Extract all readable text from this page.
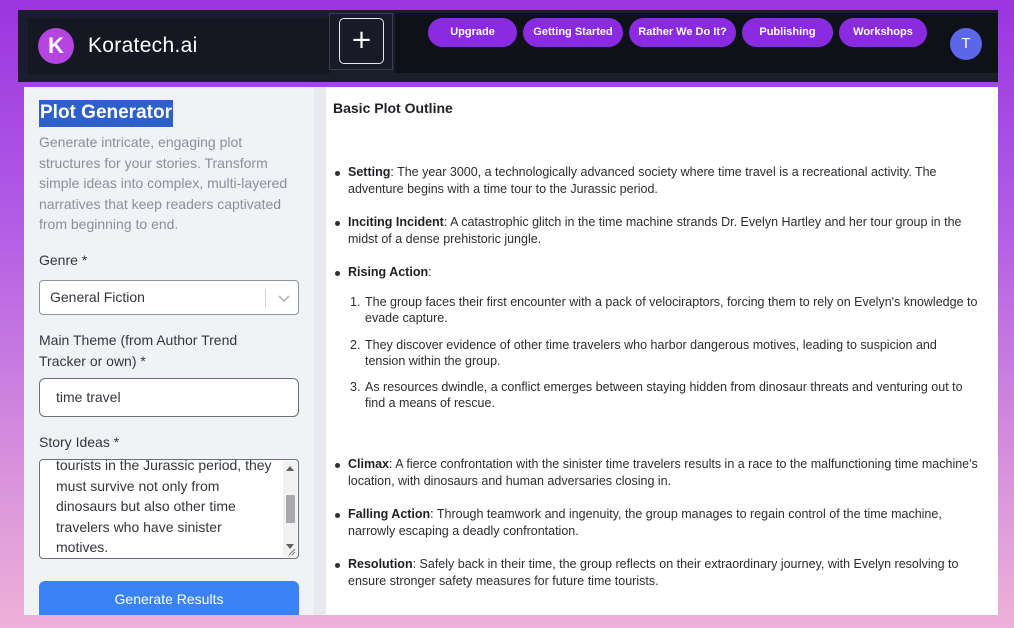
K	Koratech.ai	+	Upgrade	Getting Started	Rather We Do It?	Publishing	Workshops
T
Plot Generator
Generate intricate, engaging plot structures for your stories. Transform simple ideas into complex, multi-layered narratives that keep readers captivated from beginning to end.
Genre *
General Fiction
Main Theme (from Author Trend Tracker or own) *
time travel
Story Ideas *
tourists in the Jurassic period, they must survive not only from dinosaurs but also other time travelers who have sinister motives.
Generate Results
Basic Plot Outline
Setting: The year 3000, a technologically advanced society where time travel is a recreational activity. The adventure begins with a time tour to the Jurassic period.
Inciting Incident: A catastrophic glitch in the time machine strands Dr. Evelyn Hartley and her tour group in the midst of a dense prehistoric jungle.
Rising Action:
1. The group faces their first encounter with a pack of velociraptors, forcing them to rely on Evelyn's knowledge to evade capture.
2. They discover evidence of other time travelers who harbor dangerous motives, leading to suspicion and tension within the group.
3. As resources dwindle, a conflict emerges between staying hidden from dinosaur threats and venturing out to find a means of rescue.
Climax: A fierce confrontation with the sinister time travelers results in a race to the malfunctioning time machine's location, with dinosaurs and human adversaries closing in.
Falling Action: Through teamwork and ingenuity, the group manages to regain control of the time machine, narrowly escaping a deadly confrontation.
Resolution: Safely back in their time, the group reflects on their extraordinary journey, with Evelyn resolving to ensure stronger safety measures for future time tourists.
